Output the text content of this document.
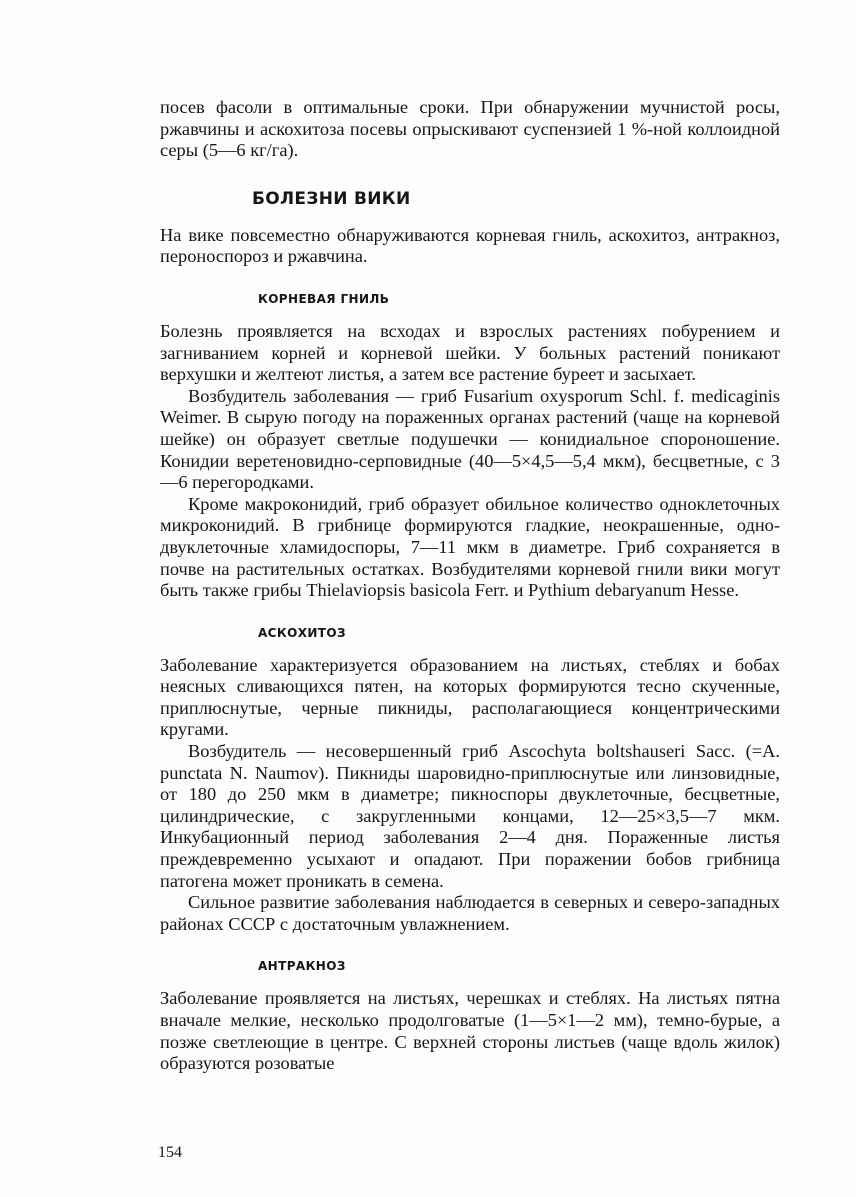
посев фасоли в оптимальные сроки. При обнаружении мучнистой росы, ржавчины и аскохитоза посевы опрыскивают суспензией 1 %-ной коллоидной серы (5—6 кг/га).

БОЛЕЗНИ ВИКИ

На вике повсеместно обнаруживаются корневая гниль, аскохитоз, антракноз, пероноспороз и ржавчина.

КОРНЕВАЯ ГНИЛЬ

Болезнь проявляется на всходах и взрослых растениях побурением и загниванием корней и корневой шейки. У больных растений поникают верхушки и желтеют листья, а затем все растение буреет и засыхает.

Возбудитель заболевания — гриб Fusarium oxysporum Schl. f. medicaginis Weimer. В сырую погоду на пораженных органах растений (чаще на корневой шейке) он образует светлые подушечки — конидиальное спороношение. Конидии веретеновидно-серповидные (40—5×4,5—5,4 мкм), бесцветные, с 3—6 перегородками.

Кроме макроконидий, гриб образует обильное количество одноклеточных микроконидий. В грибнице формируются гладкие, неокрашенные, одно-двуклеточные хламидоспоры, 7—11 мкм в диаметре. Гриб сохраняется в почве на растительных остатках. Возбудителями корневой гнили вики могут быть также грибы Thielaviopsis basicola Ferr. и Pythium debaryanum Hesse.

АСКОХИТОЗ

Заболевание характеризуется образованием на листьях, стеблях и бобах неясных сливающихся пятен, на которых формируются тесно скученные, приплюснутые, черные пикниды, располагающиеся концентрическими кругами.

Возбудитель — несовершенный гриб Ascochyta boltshauseri Sacc. (=A. punctata N. Naumov). Пикниды шаровидно-приплюснутые или линзовидные, от 180 до 250 мкм в диаметре; пикноспоры двуклеточные, бесцветные, цилиндрические, с закругленными концами, 12—25×3,5—7 мкм. Инкубационный период заболевания 2—4 дня. Пораженные листья преждевременно усыхают и опадают. При поражении бобов грибница патогена может проникать в семена.

Сильное развитие заболевания наблюдается в северных и северо-западных районах СССР с достаточным увлажнением.

АНТРАКНОЗ

Заболевание проявляется на листьях, черешках и стеблях. На листьях пятна вначале мелкие, несколько продолговатые (1—5×1—2 мм), темно-бурые, а позже светлеющие в центре. С верхней стороны листьев (чаще вдоль жилок) образуются розоватые

154
